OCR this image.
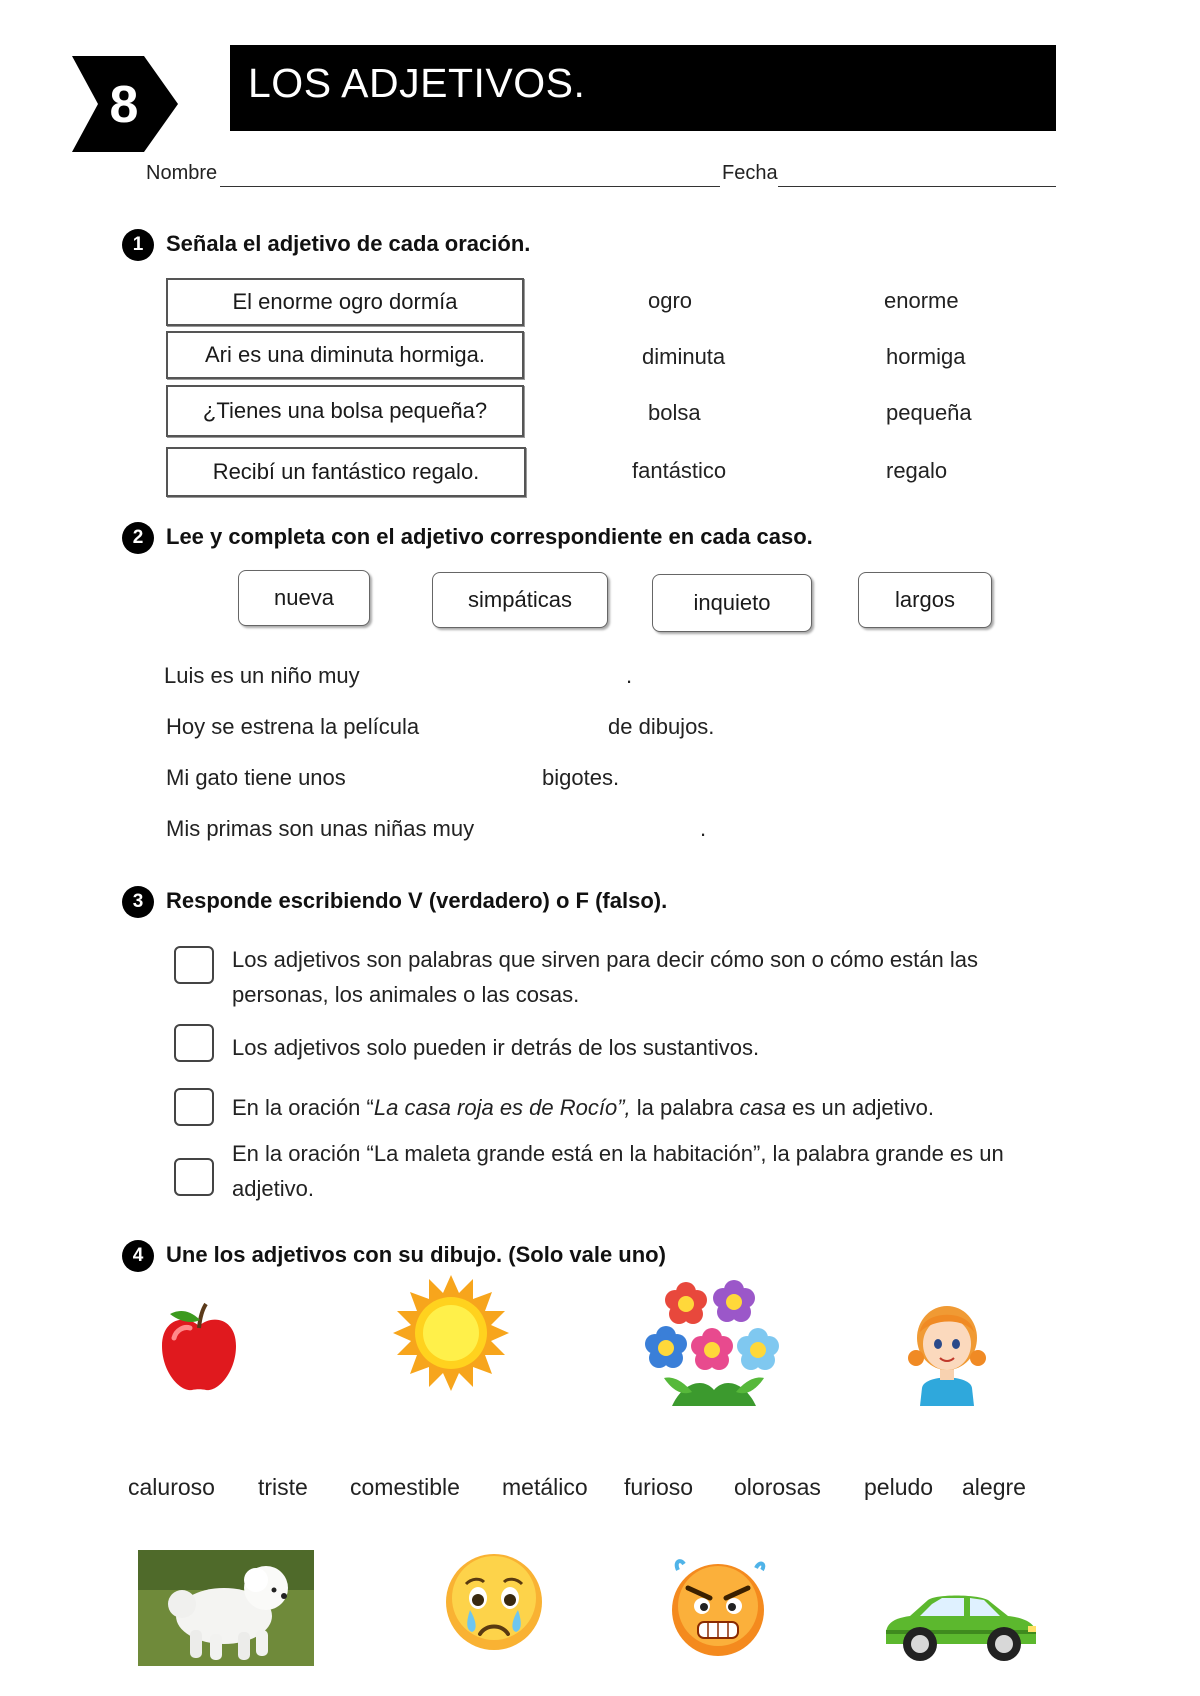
8	LOS ADJETIVOS.
Nombre	Fecha
1	Señala el adjetivo de cada oración.
El enorme ogro dormía	ogro	enorme
Ari es una diminuta hormiga.	diminuta	hormiga
¿Tienes una bolsa pequeña?	bolsa	pequeña
Recibí un fantástico regalo.	fantástico	regalo
2	Lee y completa con el adjetivo correspondiente en cada caso.
nueva	simpáticas	inquieto	largos
Luis es un niño muy	.
Hoy se estrena la película	de dibujos.
Mi gato tiene unos	bigotes.
Mis primas son unas niñas muy	.
3	Responde escribiendo V (verdadero) o F (falso).
Los adjetivos son palabras que sirven para decir cómo son o cómo están las
personas, los animales o las cosas.
Los adjetivos solo pueden ir detrás de los sustantivos.
En la oración “La casa roja es de Rocío”, la palabra casa es un adjetivo.
En la oración “La maleta grande está en la habitación”, la palabra grande es un
adjetivo.
4	Une los adjetivos con su dibujo. (Solo vale uno)
caluroso triste comestible metálico furioso olorosas peludo alegre
